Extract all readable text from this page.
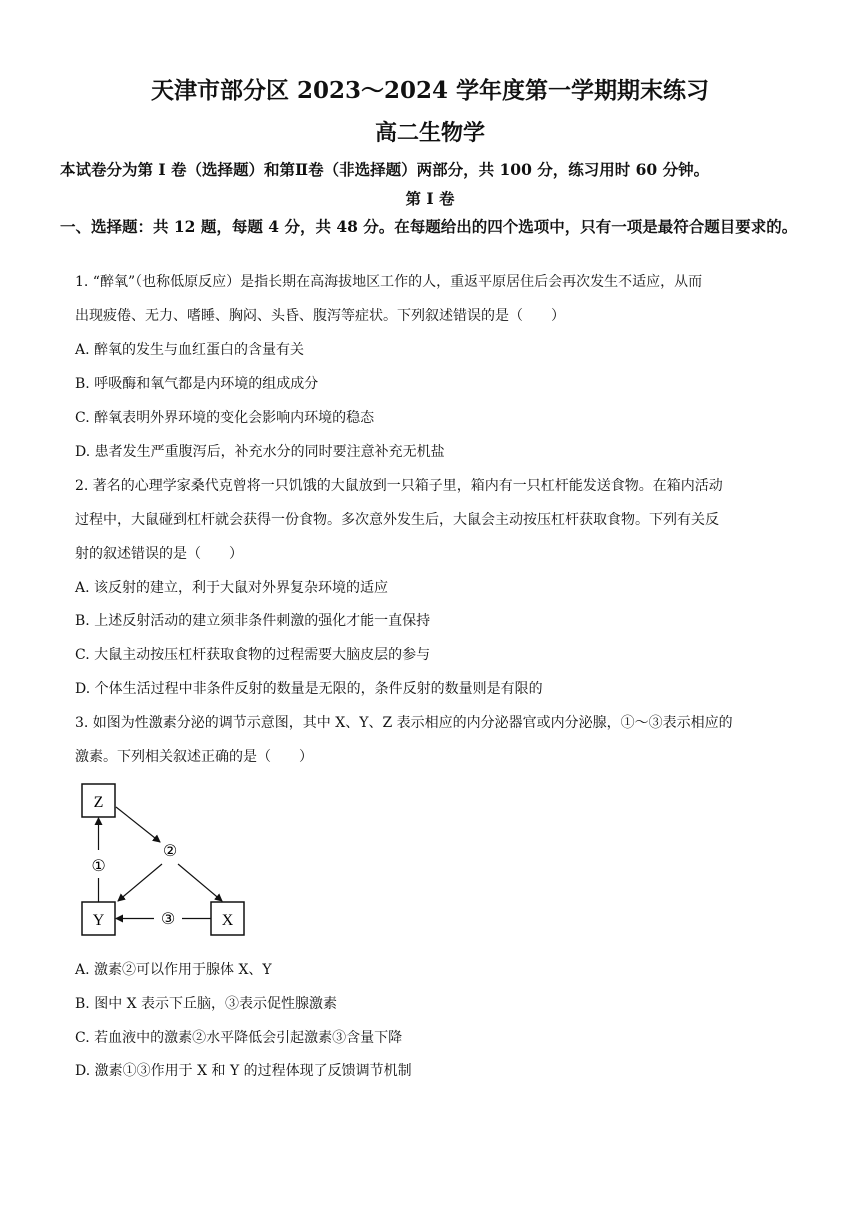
天津市部分区 2023～2024 学年度第一学期期末练习
高二生物学
本试卷分为第 I 卷（选择题）和第Ⅱ卷（非选择题）两部分，共 100 分，练习用时 60 分钟。
第 I 卷
一、选择题：共 12 题，每题 4 分，共 48 分。在每题给出的四个选项中，只有一项是最符合题目要求的。
1. “醉氧”（也称低原反应）是指长期在高海拔地区工作的人，重返平原居住后会再次发生不适应，从而
出现疲倦、无力、嗜睡、胸闷、头昏、腹泻等症状。下列叙述错误的是（　　）
A. 醉氧的发生与血红蛋白的含量有关
B. 呼吸酶和氧气都是内环境的组成成分
C. 醉氧表明外界环境的变化会影响内环境的稳态
D. 患者发生严重腹泻后，补充水分的同时要注意补充无机盐
2. 著名的心理学家桑代克曾将一只饥饿的大鼠放到一只箱子里，箱内有一只杠杆能发送食物。在箱内活动
过程中，大鼠碰到杠杆就会获得一份食物。多次意外发生后，大鼠会主动按压杠杆获取食物。下列有关反
射的叙述错误的是（　　）
A. 该反射的建立，利于大鼠对外界复杂环境的适应
B. 上述反射活动的建立须非条件刺激的强化才能一直保持
C. 大鼠主动按压杠杆获取食物的过程需要大脑皮层的参与
D. 个体生活过程中非条件反射的数量是无限的，条件反射的数量则是有限的
3. 如图为性激素分泌的调节示意图，其中 X、Y、Z 表示相应的内分泌器官或内分泌腺，①～③表示相应的
激素。下列相关叙述正确的是（　　）
Z
Y	X
①
②
③
A. 激素②可以作用于腺体 X、Y
B. 图中 X 表示下丘脑，③表示促性腺激素
C. 若血液中的激素②水平降低会引起激素③含量下降
D. 激素①③作用于 X 和 Y 的过程体现了反馈调节机制
